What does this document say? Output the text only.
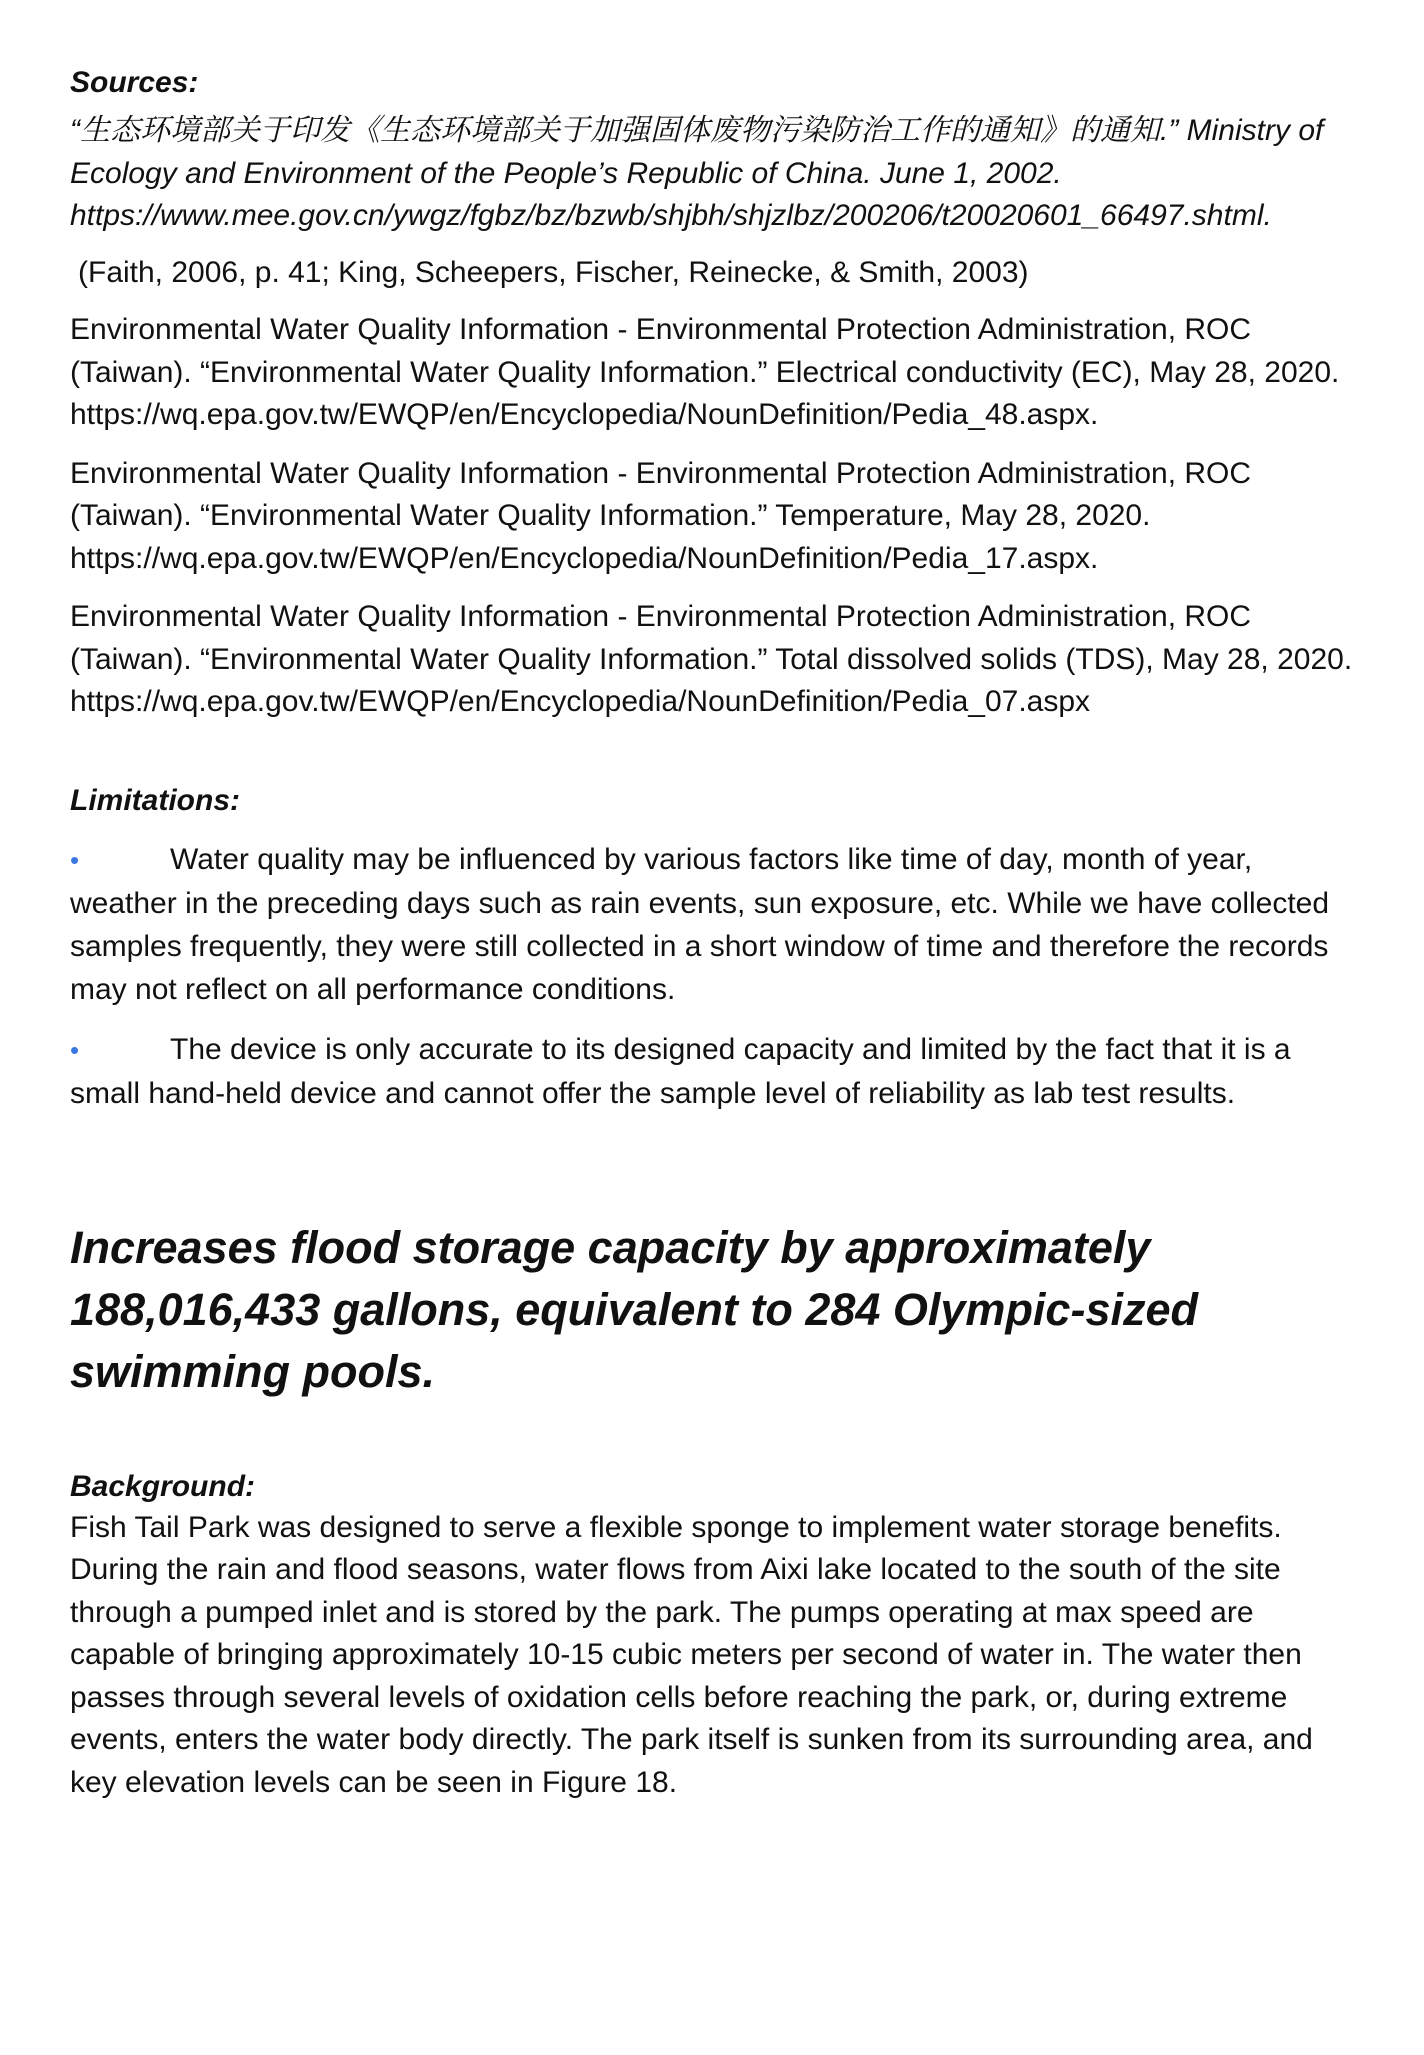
Sources:

“生态环境部关于印发《生态环境部关于加强固体废物污染防治工作的通知》的通知.” Ministry of Ecology and Environment of the People’s Republic of China. June 1, 2002. https://www.mee.gov.cn/ywgz/fgbz/bz/bzwb/shjbh/shjzlbz/200206/t20020601_66497.shtml.

(Faith, 2006, p. 41; King, Scheepers, Fischer, Reinecke, & Smith, 2003)

Environmental Water Quality Information - Environmental Protection Administration, ROC (Taiwan). “Environmental Water Quality Information.” Electrical conductivity (EC), May 28, 2020. https://wq.epa.gov.tw/EWQP/en/Encyclopedia/NounDefinition/Pedia_48.aspx.

Environmental Water Quality Information - Environmental Protection Administration, ROC (Taiwan). “Environmental Water Quality Information.” Temperature, May 28, 2020. https://wq.epa.gov.tw/EWQP/en/Encyclopedia/NounDefinition/Pedia_17.aspx.

Environmental Water Quality Information - Environmental Protection Administration, ROC (Taiwan). “Environmental Water Quality Information.” Total dissolved solids (TDS), May 28, 2020. https://wq.epa.gov.tw/EWQP/en/Encyclopedia/NounDefinition/Pedia_07.aspx

Limitations:

•	Water quality may be influenced by various factors like time of day, month of year, weather in the preceding days such as rain events, sun exposure, etc. While we have collected samples frequently, they were still collected in a short window of time and therefore the records may not reflect on all performance conditions.

•	The device is only accurate to its designed capacity and limited by the fact that it is a small hand-held device and cannot offer the sample level of reliability as lab test results.

Increases flood storage capacity by approximately 188,016,433 gallons, equivalent to 284 Olympic-sized swimming pools.

Background:

Fish Tail Park was designed to serve a flexible sponge to implement water storage benefits. During the rain and flood seasons, water flows from Aixi lake located to the south of the site through a pumped inlet and is stored by the park. The pumps operating at max speed are capable of bringing approximately 10-15 cubic meters per second of water in. The water then passes through several levels of oxidation cells before reaching the park, or, during extreme events, enters the water body directly. The park itself is sunken from its surrounding area, and key elevation levels can be seen in Figure 18.
